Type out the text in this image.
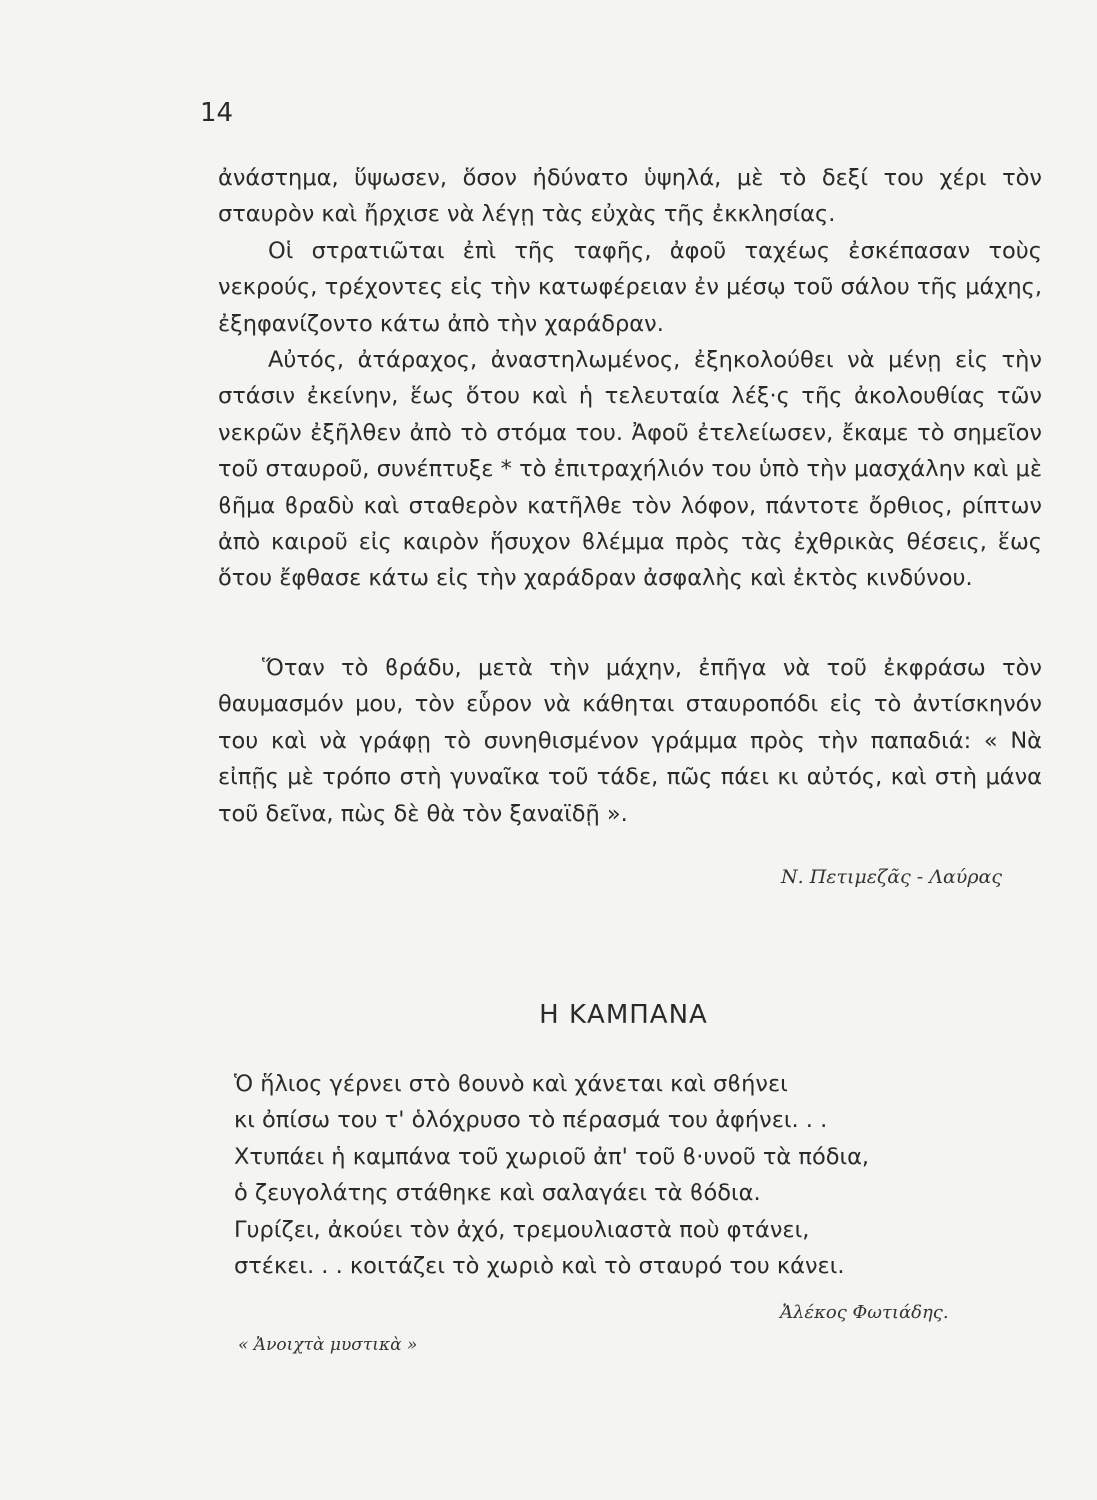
14

ἀνάστημα, ὕψωσεν, ὅσον ἠδύνατο ὑψηλά, μὲ τὸ δεξί του χέρι τὸν σταυρὸν καὶ ἤρχισε νὰ λέγῃ τὰς εὐχὰς τῆς ἐκκλησίας.

Οἱ στρατιῶται ἐπὶ τῆς ταφῆς, ἀφοῦ ταχέως ἐσκέπασαν τοὺς νεκρούς, τρέχοντες εἰς τὴν κατωφέρειαν ἐν μέσῳ τοῦ σάλου τῆς μάχης, ἐξηφανίζοντο κάτω ἀπὸ τὴν χαράδραν.

Αὐτός, ἀτάραχος, ἀναστηλωμένος, ἐξηκολούθει νὰ μένῃ εἰς τὴν στάσιν ἐκείνην, ἕως ὅτου καὶ ἡ τελευταία λέξ·ς τῆς ἀκολουθίας τῶν νεκρῶν ἐξῆλθεν ἀπὸ τὸ στόμα του. Ἀφοῦ ἐτελείωσεν, ἔκαμε τὸ σημεῖον τοῦ σταυροῦ, συνέπτυξε * τὸ ἐπιτραχήλιόν του ὑπὸ τὴν μασχάλην καὶ μὲ ϐῆμα ϐραδὺ καὶ σταθερὸν κατῆλθε τὸν λόφον, πάντοτε ὄρθιος, ρίπτων ἀπὸ καιροῦ εἰς καιρὸν ἥσυχον ϐλέμμα πρὸς τὰς ἐχθρικὰς θέσεις, ἕως ὅτου ἔφθασε κάτω εἰς τὴν χαράδραν ἀσφαλὴς καὶ ἐκτὸς κινδύνου.

Ὅταν τὸ ϐράδυ, μετὰ τὴν μάχην, ἐπῆγα νὰ τοῦ ἐκφράσω τὸν θαυμασμόν μου, τὸν εὗρον νὰ κάθηται σταυροπόδι εἰς τὸ ἀντίσκηνόν του καὶ νὰ γράφῃ τὸ συνηθισμένον γράμμα πρὸς τὴν παπαδιά: « Νὰ εἰπῇς μὲ τρόπο στὴ γυναῖκα τοῦ τάδε, πῶς πάει κι αὐτός, καὶ στὴ μάνα τοῦ δεῖνα, πὼς δὲ θὰ τὸν ξαναϊδῇ ».

Ν. Πετιμεζᾶς - Λαύρας
Η ΚΑΜΠΑΝΑ
Ὁ ἥλιος γέρνει στὸ ϐουνὸ καὶ χάνεται καὶ σϐήνει
κι ὀπίσω του τ' ὁλόχρυσο τὸ πέρασμά του ἀφήνει. . .
Χτυπάει ἡ καμπάνα τοῦ χωριοῦ ἀπ' τοῦ ϐ·υνοῦ τὰ πόδια,
ὁ ζευγολάτης στάθηκε καὶ σαλαγάει τὰ ϐόδια.
Γυρίζει, ἀκούει τὸν ἀχό, τρεμουλιαστὰ ποὺ φτάνει,
στέκει. . . κοιτάζει τὸ χωριὸ καὶ τὸ σταυρό του κάνει.
Ἀλέκος Φωτιάδης.
« Ἀνοιχτὰ μυστικὰ »
